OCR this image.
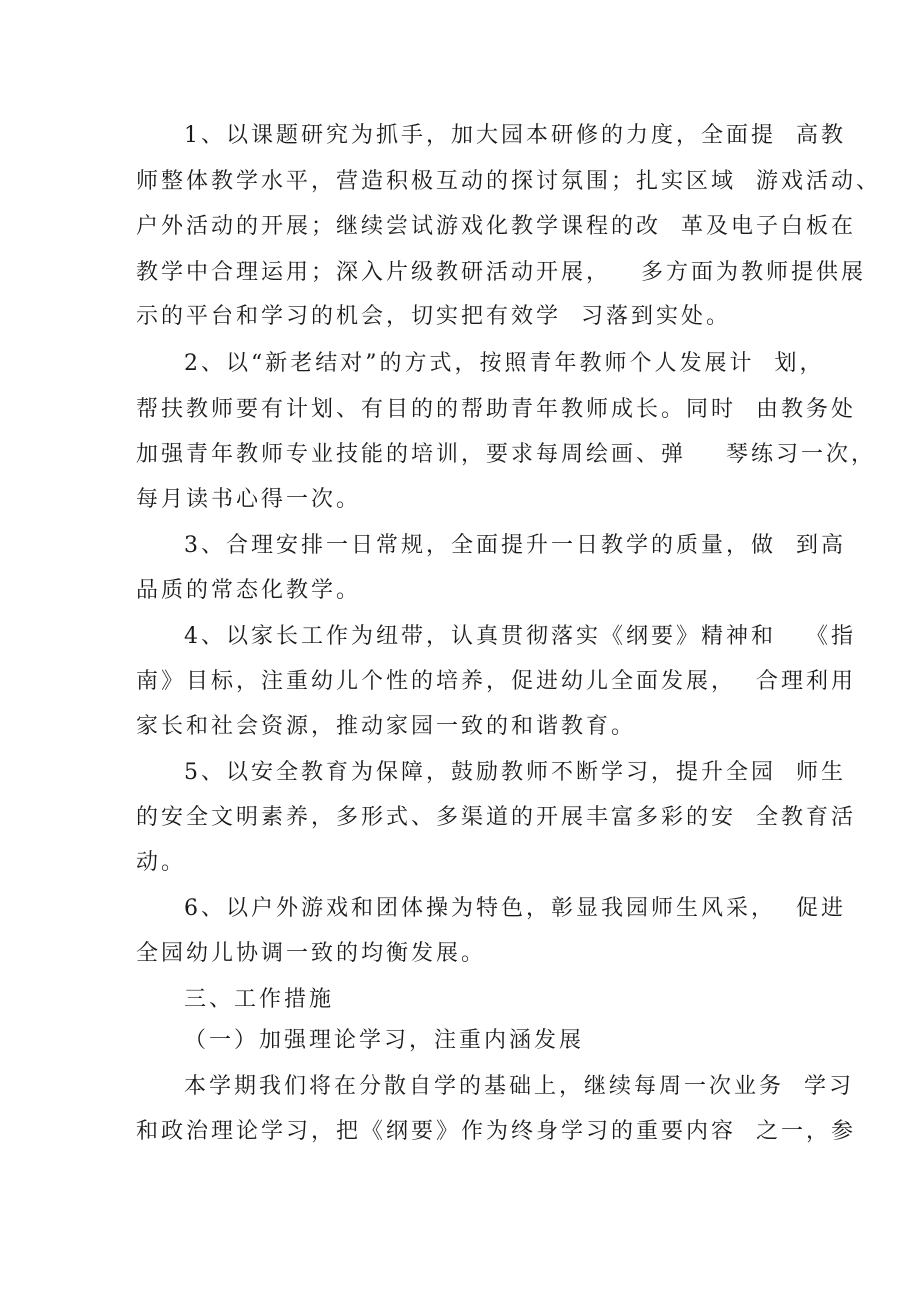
1、以课题研究为抓手，加大园本研修的力度，全面提  高教

师整体教学水平，营造积极互动的探讨氛围；扎实区域  游戏活动、

户外活动的开展；继续尝试游戏化教学课程的改  革及电子白板在

教学中合理运用；深入片级教研活动开展，   多方面为教师提供展

示的平台和学习的机会，切实把有效学  习落到实处。

2、以“新老结对”的方式，按照青年教师个人发展计  划，

帮扶教师要有计划、有目的的帮助青年教师成长。同时  由教务处

加强青年教师专业技能的培训，要求每周绘画、弹    琴练习一次，

每月读书心得一次。

3、合理安排一日常规，全面提升一日教学的质量，做  到高

品质的常态化教学。

4、以家长工作为纽带，认真贯彻落实《纲要》精神和   《指

南》目标，注重幼儿个性的培养，促进幼儿全面发展，  合理利用

家长和社会资源，推动家园一致的和谐教育。

5、以安全教育为保障，鼓励教师不断学习，提升全园  师生

的安全文明素养，多形式、多渠道的开展丰富多彩的安  全教育活

动。

6、以户外游戏和团体操为特色，彰显我园师生风采，  促进

全园幼儿协调一致的均衡发展。

三、工作措施

（一）加强理论学习，注重内涵发展

本学期我们将在分散自学的基础上，继续每周一次业务  学习

和政治理论学习，把《纲要》作为终身学习的重要内容  之一，参
